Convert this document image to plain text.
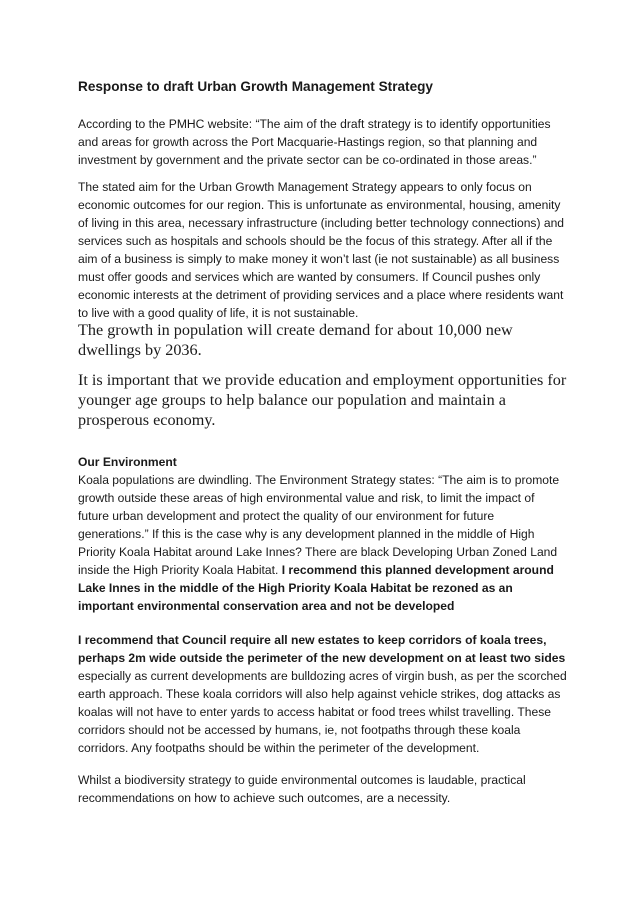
Response to draft Urban Growth Management Strategy

According to the PMHC website: “The aim of the draft strategy is to identify opportunities and areas for growth across the Port Macquarie-Hastings region, so that planning and investment by government and the private sector can be co-ordinated in those areas.”

The stated aim for the Urban Growth Management Strategy appears to only focus on economic outcomes for our region. This is unfortunate as environmental, housing, amenity of living in this area, necessary infrastructure (including better technology connections) and services such as hospitals and schools should be the focus of this strategy. After all if the aim of a business is simply to make money it won’t last (ie not sustainable) as all business must offer goods and services which are wanted by consumers. If Council pushes only economic interests at the detriment of providing services and a place where residents want to live with a good quality of life, it is not sustainable.

The growth in population will create demand for about 10,000 new dwellings by 2036.

It is important that we provide education and employment opportunities for younger age groups to help balance our population and maintain a prosperous economy.

Our Environment

Koala populations are dwindling. The Environment Strategy states: “The aim is to promote growth outside these areas of high environmental value and risk, to limit the impact of future urban development and protect the quality of our environment for future generations.” If this is the case why is any development planned in the middle of High Priority Koala Habitat around Lake Innes? There are black Developing Urban Zoned Land inside the High Priority Koala Habitat. I recommend this planned development around Lake Innes in the middle of the High Priority Koala Habitat be rezoned as an important environmental conservation area and not be developed

I recommend that Council require all new estates to keep corridors of koala trees, perhaps 2m wide outside the perimeter of the new development on at least two sides especially as current developments are bulldozing acres of virgin bush, as per the scorched earth approach. These koala corridors will also help against vehicle strikes, dog attacks as koalas will not have to enter yards to access habitat or food trees whilst travelling. These corridors should not be accessed by humans, ie, not footpaths through these koala corridors. Any footpaths should be within the perimeter of the development.

Whilst a biodiversity strategy to guide environmental outcomes is laudable, practical recommendations on how to achieve such outcomes, are a necessity.
